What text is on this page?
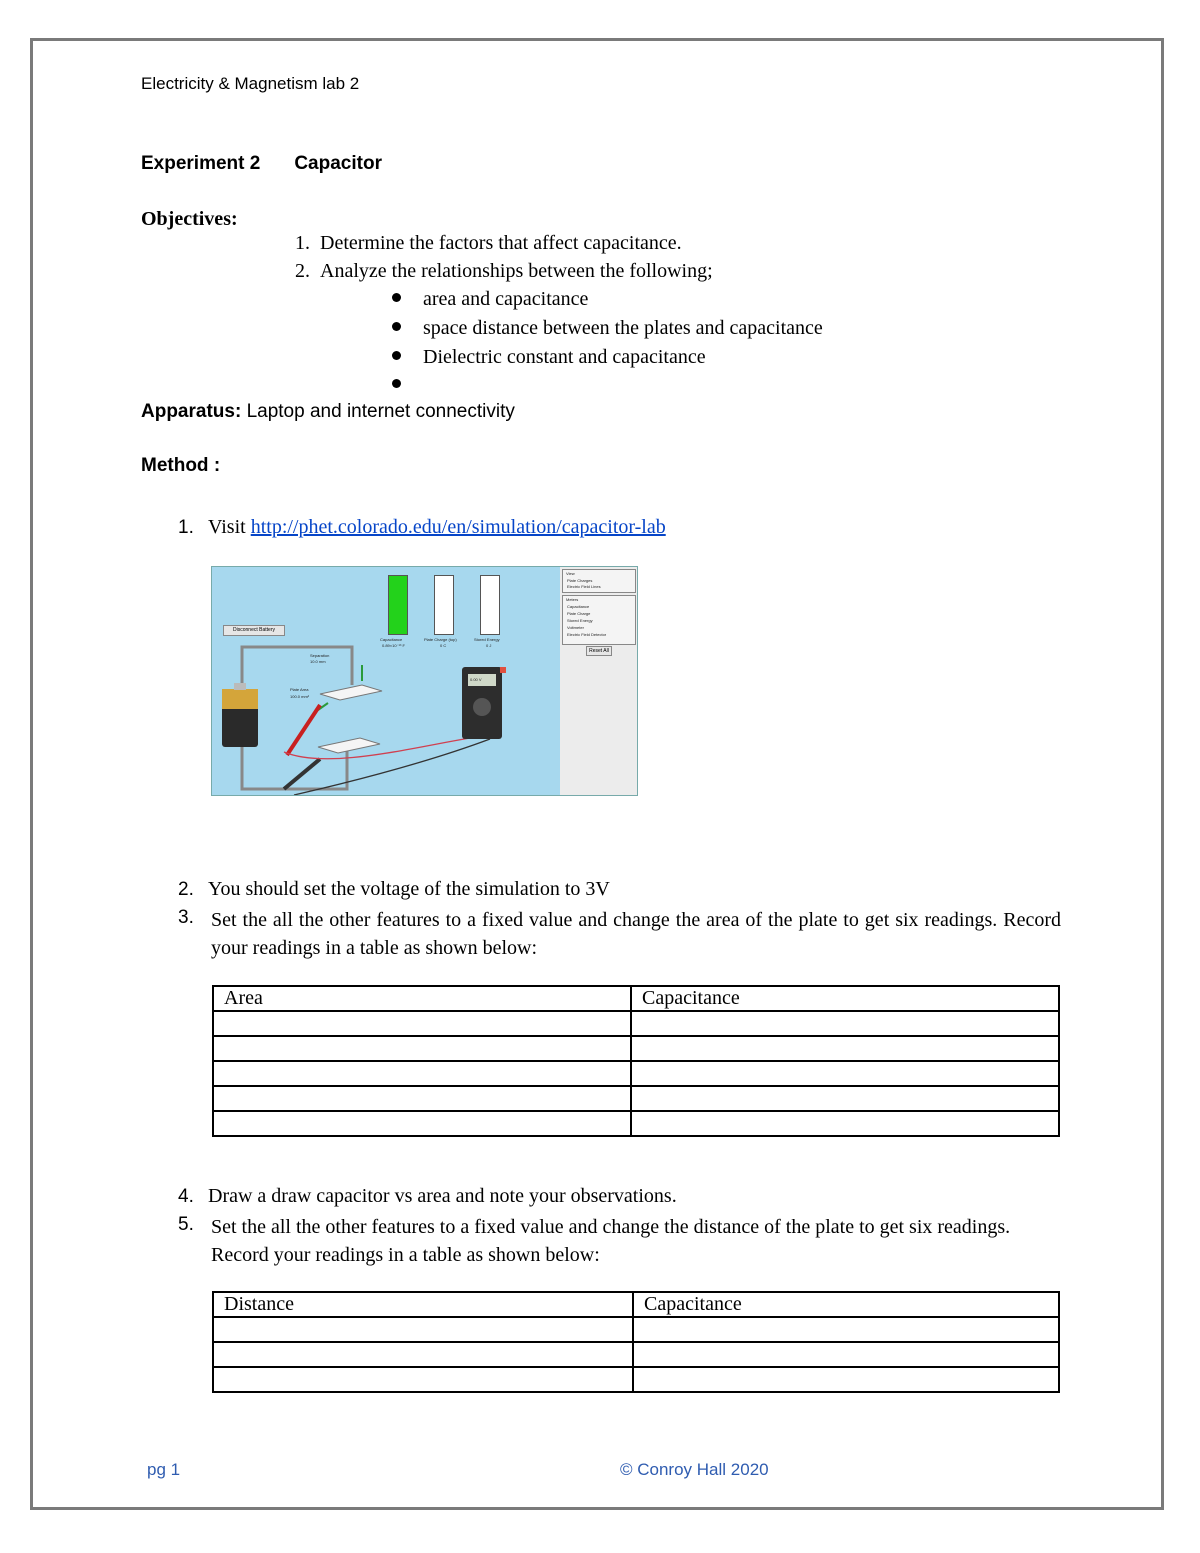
Electricity & Magnetism lab 2
Experiment 2 Capacitor
Objectives:
1. Determine the factors that affect capacitance.
2. Analyze the relationships between the following;
area and capacitance
space distance between the plates and capacitance
Dielectric constant and capacitance
Apparatus: Laptop and internet connectivity
Method :
1. Visit http://phet.colorado.edu/en/simulation/capacitor-lab
Disconnect Battery
Capacitance	Plate Charge (top)	Stored Energy
0.89×10⁻¹³ F	0 C	0 J
Separation
10.0 mm
Plate Area
100.0 mm²
0.00 V
View
Plate Charges
Electric Field Lines
Meters
Capacitance
Plate Charge
Stored Energy
Voltmeter
Electric Field Detector
Reset All
2. You should set the voltage of the simulation to 3V
3. Set the all the other features to a fixed value and change the area of the plate to get six readings. Record your readings in a table as shown below:
Area	Capacitance

4. Draw a draw capacitor vs area and note your observations.
5. Set the all the other features to a fixed value and change the distance of the plate to get six readings. Record your readings in a table as shown below:
Distance	Capacitance

pg 1	© Conroy Hall 2020
